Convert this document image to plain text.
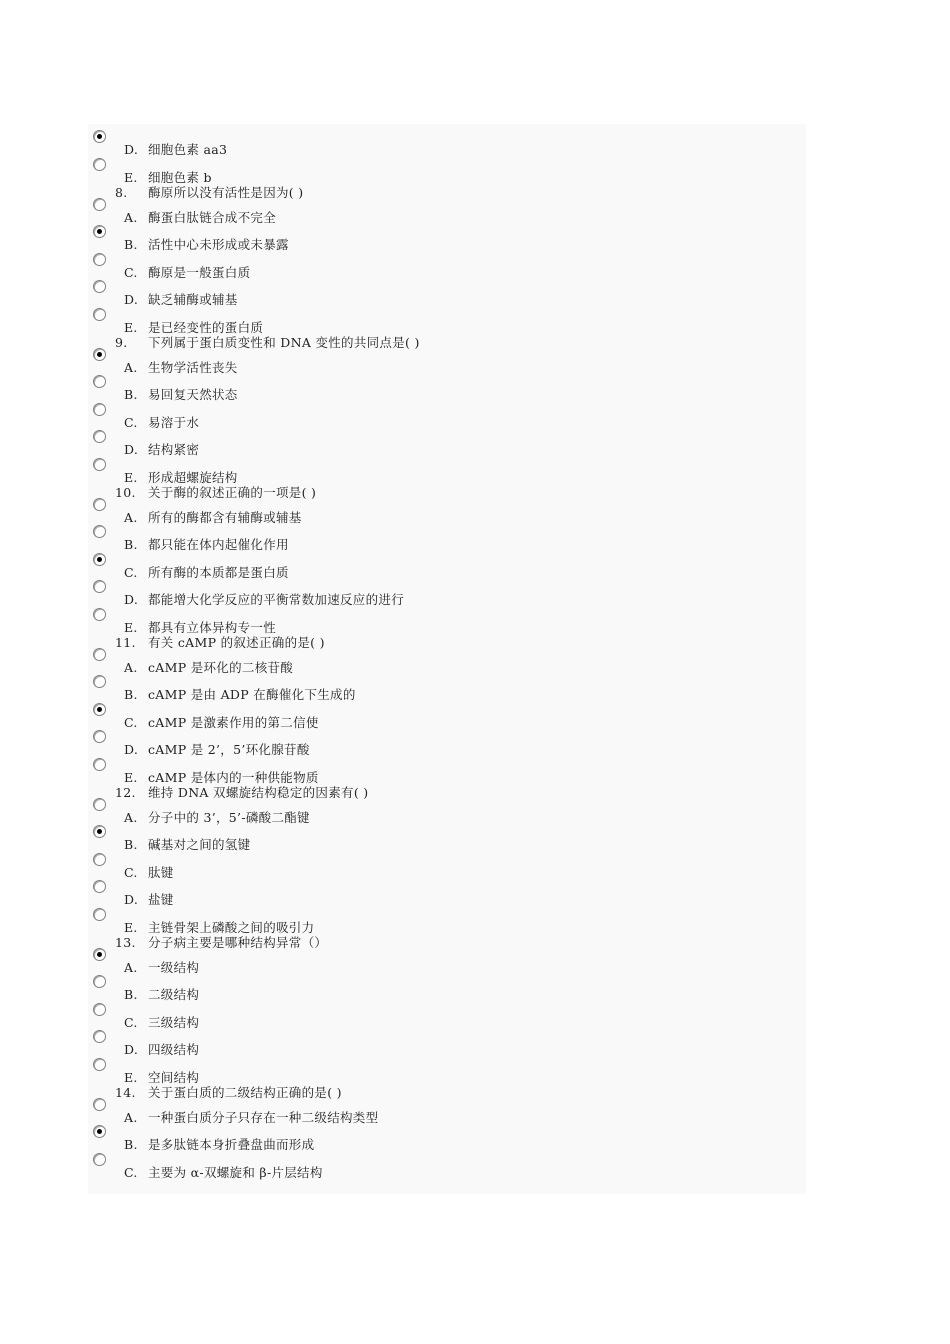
D. 细胞色素 aa3
E. 细胞色素 b
8. 酶原所以没有活性是因为( )
A. 酶蛋白肽链合成不完全
B. 活性中心未形成或未暴露
C. 酶原是一般蛋白质
D. 缺乏辅酶或辅基
E. 是已经变性的蛋白质
9. 下列属于蛋白质变性和 DNA 变性的共同点是( )
A. 生物学活性丧失
B. 易回复天然状态
C. 易溶于水
D. 结构紧密
E. 形成超螺旋结构
10. 关于酶的叙述正确的一项是( )
A. 所有的酶都含有辅酶或辅基
B. 都只能在体内起催化作用
C. 所有酶的本质都是蛋白质
D. 都能增大化学反应的平衡常数加速反应的进行
E. 都具有立体异构专一性
11. 有关 cAMP 的叙述正确的是( )
A. cAMP 是环化的二核苷酸
B. cAMP 是由 ADP 在酶催化下生成的
C. cAMP 是激素作用的第二信使
D. cAMP 是 2’，5’环化腺苷酸
E. cAMP 是体内的一种供能物质
12. 维持 DNA 双螺旋结构稳定的因素有( )
A. 分子中的 3’，5’-磷酸二酯键
B. 碱基对之间的氢键
C. 肽键
D. 盐键
E. 主链骨架上磷酸之间的吸引力
13. 分子病主要是哪种结构异常（）
A. 一级结构
B. 二级结构
C. 三级结构
D. 四级结构
E. 空间结构
14. 关于蛋白质的二级结构正确的是( )
A. 一种蛋白质分子只存在一种二级结构类型
B. 是多肽链本身折叠盘曲而形成
C. 主要为 α-双螺旋和 β-片层结构
